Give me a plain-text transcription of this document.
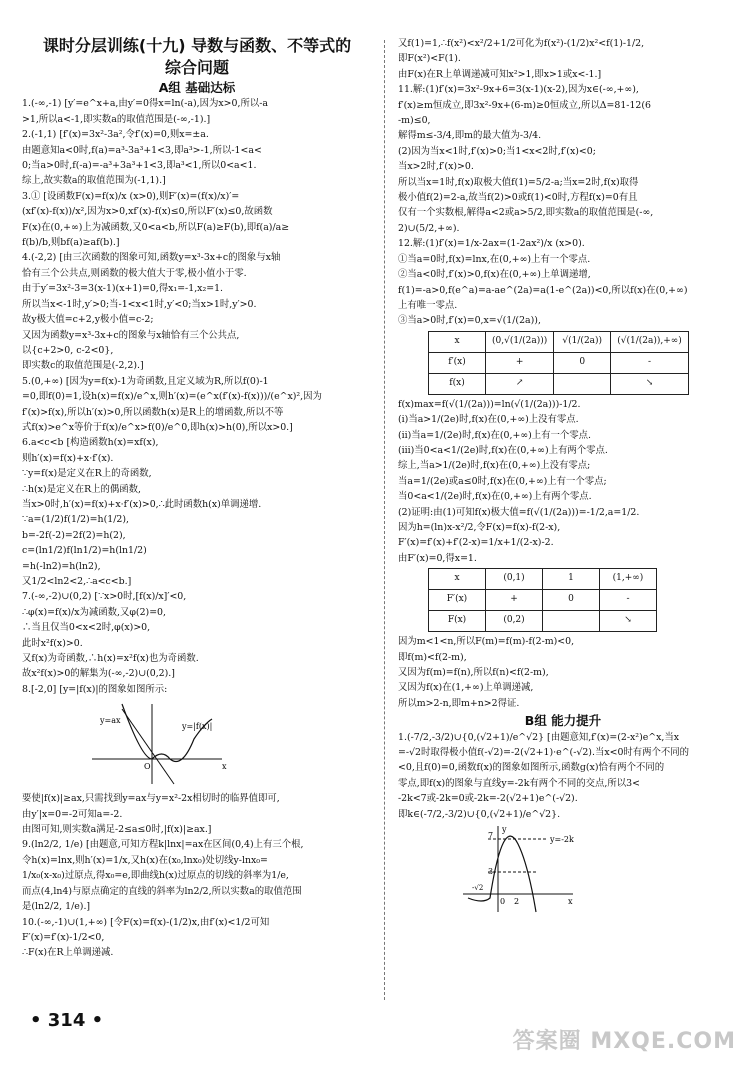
课时分层训练(十九) 导数与函数、不等式的
综合问题
A组 基础达标
1.(-∞,-1) [y′=e^x+a,由y′=0得x=ln(-a),因为x>0,所以-a
>1,所以a<-1,即实数a的取值范围是(-∞,-1).]
2.(-1,1) [f′(x)=3x²-3a²,令f′(x)=0,则x=±a.
由题意知a<0时,f(a)=a³-3a³+1<3,即a³>-1,所以-1<a<
0;当a>0时,f(-a)=-a³+3a³+1<3,即a³<1,所以0<a<1.
综上,故实数a的取值范围为(-1,1).]
3.① [设函数F(x)=f(x)/x (x>0),则F′(x)=(f(x)/x)′=
(xf′(x)-f(x))/x²,因为x>0,xf′(x)-f(x)≤0,所以F′(x)≤0,故函数
F(x)在(0,+∞)上为减函数,又0<a<b,所以F(a)≥F(b),即f(a)/a≥
f(b)/b,则bf(a)≥af(b).]
4.(-2,2) [由三次函数的图象可知,函数y=x³-3x+c的图象与x轴
恰有三个公共点,则函数的极大值大于零,极小值小于零.
由于y′=3x²-3=3(x-1)(x+1)=0,得x₁=-1,x₂=1.
所以当x<-1时,y′>0;当-1<x<1时,y′<0;当x>1时,y′>0.
故y极大值=c+2,y极小值=c-2;
又因为函数y=x³-3x+c的图象与x轴恰有三个公共点,
以{c+2>0, c-2<0},
即实数c的取值范围是(-2,2).]
5.(0,+∞) [因为y=f(x)-1为奇函数,且定义域为R,所以f(0)-1
=0,即f(0)=1,设h(x)=f(x)/e^x,则h′(x)=(e^x(f′(x)-f(x)))/(e^x)²,因为
f′(x)>f(x),所以h′(x)>0,所以函数h(x)是R上的增函数,所以不等
式f(x)>e^x等价于f(x)/e^x>f(0)/e^0,即h(x)>h(0),所以x>0.]
6.a<c<b [构造函数h(x)=xf(x),
则h′(x)=f(x)+x·f′(x).
∵y=f(x)是定义在R上的奇函数,
∴h(x)是定义在R上的偶函数,
当x>0时,h′(x)=f(x)+x·f′(x)>0,∴此时函数h(x)单调递增.
∵a=(1/2)f(1/2)=h(1/2),
b=-2f(-2)=2f(2)=h(2),
c=(ln1/2)f(ln1/2)=h(ln1/2)
=h(-ln2)=h(ln2),
又1/2<ln2<2,∴a<c<b.]
7.(-∞,-2)∪(0,2) [∵x>0时,[f(x)/x]′<0,
∴φ(x)=f(x)/x为减函数,又φ(2)=0,
∴当且仅当0<x<2时,φ(x)>0,
此时x²f(x)>0.
又f(x)为奇函数,∴h(x)=x²f(x)也为奇函数.
故x²f(x)>0的解集为(-∞,-2)∪(0,2).]
8.[-2,0] [y=|f(x)|的图象如图所示:
y=ax
y=|f(x)|
x
O
要使|f(x)|≥ax,只需找到y=ax与y=x²-2x相切时的临界值即可,
由y′|x=0=-2可知a=-2.
由图可知,则实数a满足-2≤a≤0时,|f(x)|≥ax.]
9.(ln2/2, 1/e) [由题意,可知方程k|lnx|=ax在区间(0,4)上有三个根,
令h(x)=lnx,则h′(x)=1/x,又h(x)在(x₀,lnx₀)处切线y-lnx₀=
1/x₀(x-x₀)过原点,得x₀=e,即曲线h(x)过原点的切线的斜率为1/e,
而点(4,ln4)与原点确定的直线的斜率为ln2/2,所以实数a的取值范围
是(ln2/2, 1/e).]
10.(-∞,-1)∪(1,+∞) [令F(x)=f(x)-(1/2)x,由f′(x)<1/2可知
F′(x)=f′(x)-1/2<0,
∴F(x)在R上单调递减.
又f(1)=1,∴f(x²)<x²/2+1/2可化为f(x²)-(1/2)x²<f(1)-1/2,
即F(x²)<F(1).
由F(x)在R上单调递减可知x²>1,即x>1或x<-1.]
11.解:(1)f′(x)=3x²-9x+6=3(x-1)(x-2),因为x∈(-∞,+∞),
f′(x)≥m恒成立,即3x²-9x+(6-m)≥0恒成立,所以Δ=81-12(6
-m)≤0,
解得m≤-3/4,即m的最大值为-3/4.
(2)因为当x<1时,f′(x)>0;当1<x<2时,f′(x)<0;
当x>2时,f′(x)>0.
所以当x=1时,f(x)取极大值f(1)=5/2-a;当x=2时,f(x)取得
极小值f(2)=2-a,故当f(2)>0或f(1)<0时,方程f(x)=0有且
仅有一个实数根,解得a<2或a>5/2,即实数a的取值范围是(-∞,
2)∪(5/2,+∞).
12.解:(1)f′(x)=1/x-2ax=(1-2ax²)/x (x>0).
①当a=0时,f(x)=lnx,在(0,+∞)上有一个零点.
②当a<0时,f′(x)>0,f(x)在(0,+∞)上单调递增,
f(1)=-a>0,f(e^a)=a-ae^(2a)=a(1-e^(2a))<0,所以f(x)在(0,+∞)
上有唯一零点.
③当a>0时,f′(x)=0,x=√(1/(2a)),
x	(0,√(1/(2a)))	√(1/(2a))	(√(1/(2a)),+∞)
f′(x)	+	0	-
f(x)	↗		↘
f(x)max=f(√(1/(2a)))=ln(√(1/(2a)))-1/2.
(ⅰ)当a>1/(2e)时,f(x)在(0,+∞)上没有零点.
(ⅱ)当a=1/(2e)时,f(x)在(0,+∞)上有一个零点.
(ⅲ)当0<a<1/(2e)时,f(x)在(0,+∞)上有两个零点.
综上,当a>1/(2e)时,f(x)在(0,+∞)上没有零点;
当a=1/(2e)或a≤0时,f(x)在(0,+∞)上有一个零点;
当0<a<1/(2e)时,f(x)在(0,+∞)上有两个零点.
(2)证明:由(1)可知f(x)极大值=f(√(1/(2a)))=-1/2,a=1/2.
因为h=(ln)x-x²/2,令F(x)=f(x)-f(2-x),
F′(x)=f′(x)+f′(2-x)=1/x+1/(2-x)-2.
由F′(x)=0,得x=1.
x	(0,1)	1	(1,+∞)
F′(x)	+	0	-
F(x)	(0,2)		↘
因为m<1<n,所以F(m)=f(m)-f(2-m)<0,
即f(m)<f(2-m),
又因为f(m)=f(n),所以f(n)<f(2-m),
又因为f(x)在(1,+∞)上单调递减,
所以m>2-n,即m+n>2得证.
B组 能力提升
1.(-7/2,-3/2)∪{0,(√2+1)/e^√2} [由题意知,f′(x)=(2-x²)e^x,当x
=-√2时取得极小值f(-√2)=-2(√2+1)·e^(-√2).当x<0时有两个不同的
<0,且f(0)=0,函数f(x)的图象如图所示,函数g(x)恰有两个不同的
零点,即f(x)的图象与直线y=-2k有两个不同的交点,所以3<
-2k<7或-2k=0或-2k=-2(√2+1)e^(-√2).
即k∈(-7/2,-3/2)∪{0,(√2+1)/e^√2}.
y=-2k
7
3
-√2
0 2	x
y
• 314 •
答案圈 MXQE.COM
